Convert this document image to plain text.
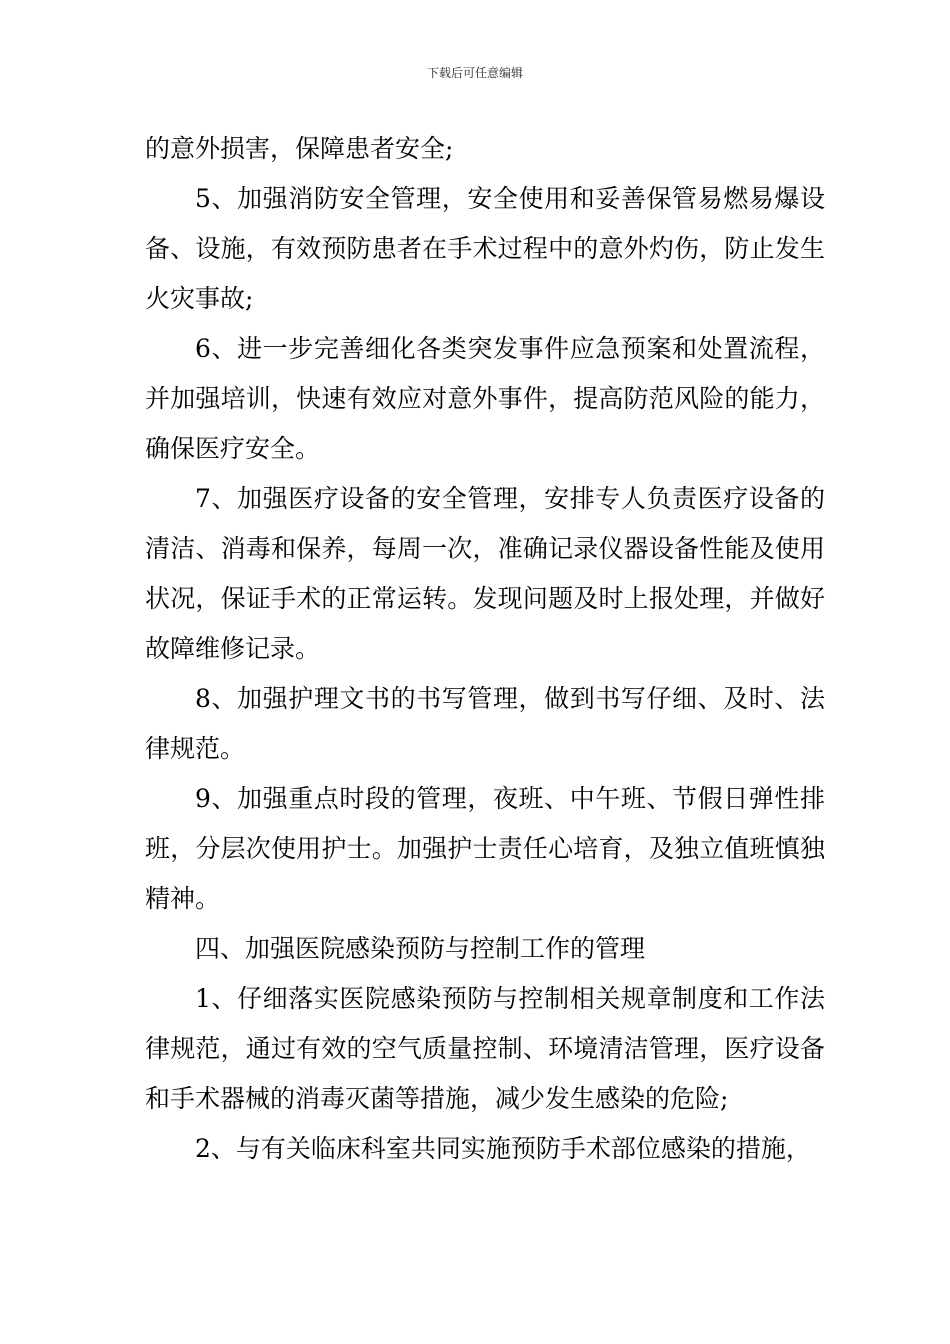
下载后可任意编辑

的意外损害，保障患者安全;

5、加强消防安全管理，安全使用和妥善保管易燃易爆设备、设施，有效预防患者在手术过程中的意外灼伤，防止发生火灾事故;

6、进一步完善细化各类突发事件应急预案和处置流程，并加强培训，快速有效应对意外事件，提高防范风险的能力，确保医疗安全。

7、加强医疗设备的安全管理，安排专人负责医疗设备的清洁、消毒和保养，每周一次，准确记录仪器设备性能及使用状况，保证手术的正常运转。发现问题及时上报处理，并做好故障维修记录。

8、加强护理文书的书写管理，做到书写仔细、及时、法律规范。

9、加强重点时段的管理，夜班、中午班、节假日弹性排班，分层次使用护士。加强护士责任心培育，及独立值班慎独精神。

四、加强医院感染预防与控制工作的管理

1、仔细落实医院感染预防与控制相关规章制度和工作法律规范，通过有效的空气质量控制、环境清洁管理，医疗设备和手术器械的消毒灭菌等措施，减少发生感染的危险;

2、与有关临床科室共同实施预防手术部位感染的措施，
